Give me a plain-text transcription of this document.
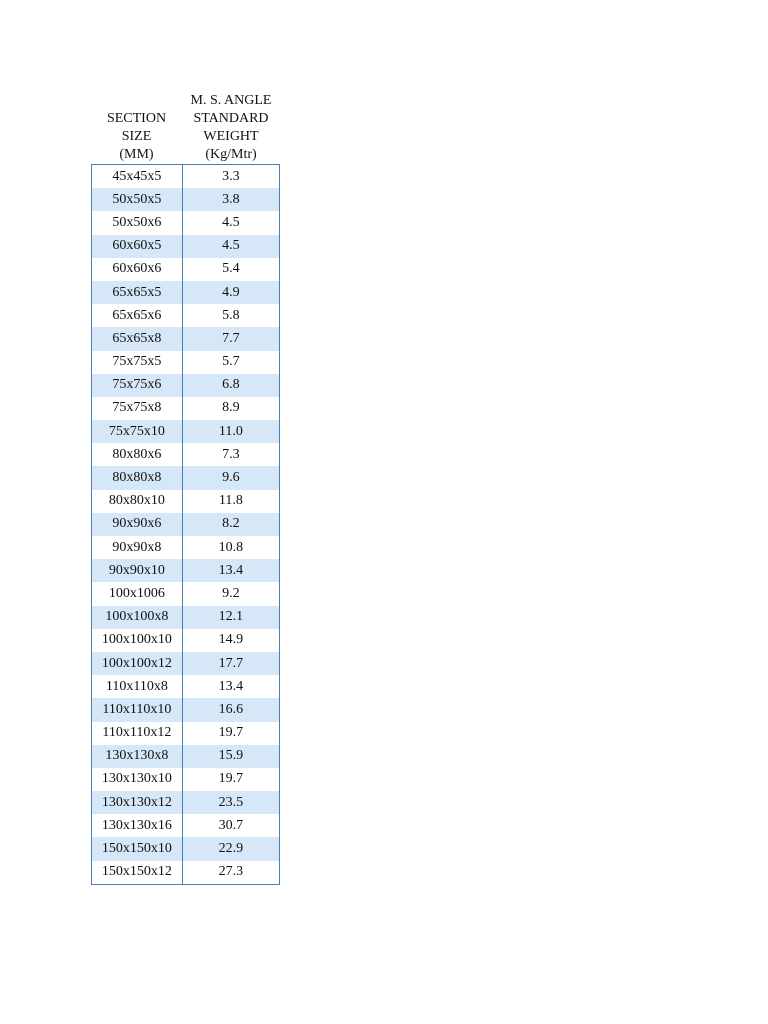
SECTION
SIZE
(MM)
M. S. ANGLE
STANDARD
WEIGHT
(Kg/Mtr)
45x45x5	3.3
50x50x5	3.8
50x50x6	4.5
60x60x5	4.5
60x60x6	5.4
65x65x5	4.9
65x65x6	5.8
65x65x8	7.7
75x75x5	5.7
75x75x6	6.8
75x75x8	8.9
75x75x10	11.0
80x80x6	7.3
80x80x8	9.6
80x80x10	11.8
90x90x6	8.2
90x90x8	10.8
90x90x10	13.4
100x1006	9.2
100x100x8	12.1
100x100x10	14.9
100x100x12	17.7
110x110x8	13.4
110x110x10	16.6
110x110x12	19.7
130x130x8	15.9
130x130x10	19.7
130x130x12	23.5
130x130x16	30.7
150x150x10	22.9
150x150x12	27.3
